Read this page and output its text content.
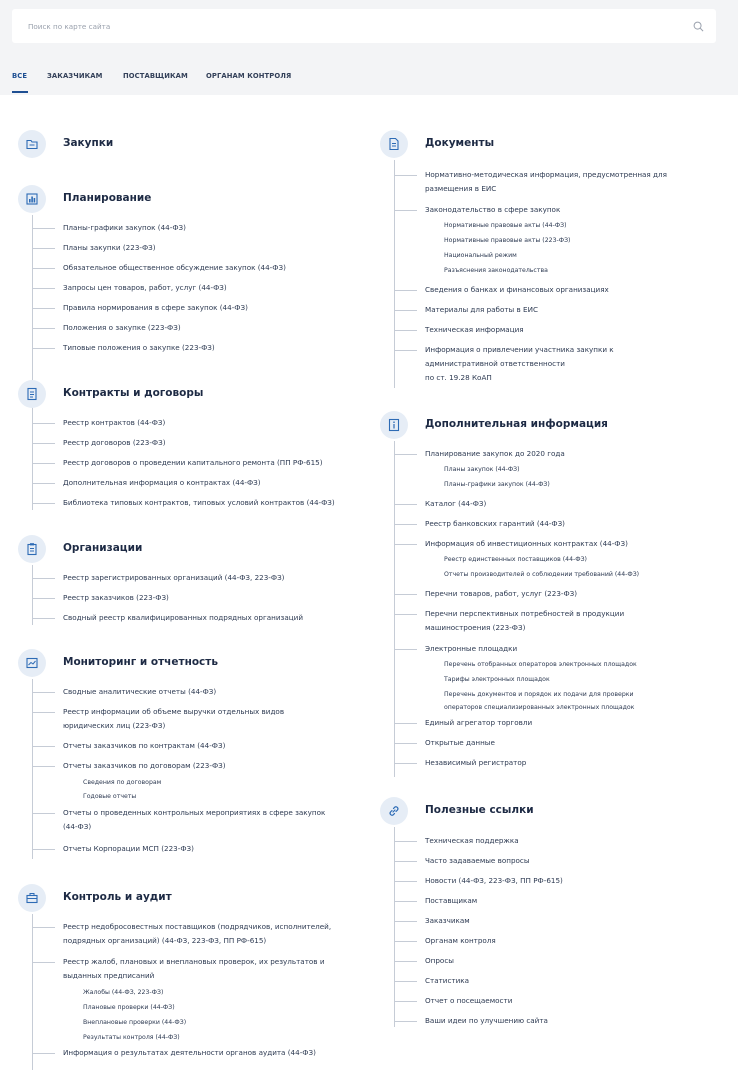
Поиск по карте сайта
ВСЕ	ЗАКАЗЧИКАМ	ПОСТАВЩИКАМ	ОРГАНАМ КОНТРОЛЯ
Закупки
Планирование
Планы-графики закупок (44-ФЗ)
Планы закупки (223-ФЗ)
Обязательное общественное обсуждение закупок (44-ФЗ)
Запросы цен товаров, работ, услуг (44-ФЗ)
Правила нормирования в сфере закупок (44-ФЗ)
Положения о закупке (223-ФЗ)
Типовые положения о закупке (223-ФЗ)
Контракты и договоры
Реестр контрактов (44-ФЗ)
Реестр договоров (223-ФЗ)
Реестр договоров о проведении капитального ремонта (ПП РФ-615)
Дополнительная информация о контрактах (44-ФЗ)
Библиотека типовых контрактов, типовых условий контрактов (44-ФЗ)
Организации
Реестр зарегистрированных организаций (44-ФЗ, 223-ФЗ)
Реестр заказчиков (223-ФЗ)
Сводный реестр квалифицированных подрядных организаций
Мониторинг и отчетность
Сводные аналитические отчеты (44-ФЗ)
Реестр информации об объеме выручки отдельных видов
юридических лиц (223-ФЗ)
Отчеты заказчиков по контрактам (44-ФЗ)
Отчеты заказчиков по договорам (223-ФЗ)
Сведения по договорам
Годовые отчеты
Отчеты о проведенных контрольных мероприятиях в сфере закупок
(44-ФЗ)
Отчеты Корпорации МСП (223-ФЗ)
Контроль и аудит
Реестр недобросовестных поставщиков (подрядчиков, исполнителей,
подрядных организаций) (44-ФЗ, 223-ФЗ, ПП РФ-615)
Реестр жалоб, плановых и внеплановых проверок, их результатов и
выданных предписаний
Жалобы (44-ФЗ, 223-ФЗ)
Плановые проверки (44-ФЗ)
Внеплановые проверки (44-ФЗ)
Результаты контроля (44-ФЗ)
Информация о результатах деятельности органов аудита (44-ФЗ)
Документы
Нормативно-методическая информация, предусмотренная для
размещения в ЕИС
Законодательство в сфере закупок
Нормативные правовые акты (44-ФЗ)
Нормативные правовые акты (223-ФЗ)
Национальный режим
Разъяснения законодательства
Сведения о банках и финансовых организациях
Материалы для работы в ЕИС
Техническая информация
Информация о привлечении участника закупки к
административной ответственности
по ст. 19.28 КоАП
Дополнительная информация
Планирование закупок до 2020 года
Планы закупок (44-ФЗ)
Планы-графики закупок (44-ФЗ)
Каталог (44-ФЗ)
Реестр банковских гарантий (44-ФЗ)
Информация об инвестиционных контрактах (44-ФЗ)
Реестр единственных поставщиков (44-ФЗ)
Отчеты производителей о соблюдении требований (44-ФЗ)
Перечни товаров, работ, услуг (223-ФЗ)
Перечни перспективных потребностей в продукции
машиностроения (223-ФЗ)
Электронные площадки
Перечень отобранных операторов электронных площадок
Тарифы электронных площадок
Перечень документов и порядок их подачи для проверки
операторов специализированных электронных площадок
Единый агрегатор торговли
Открытые данные
Независимый регистратор
Полезные ссылки
Техническая поддержка
Часто задаваемые вопросы
Новости (44-ФЗ, 223-ФЗ, ПП РФ-615)
Поставщикам
Заказчикам
Органам контроля
Опросы
Статистика
Отчет о посещаемости
Ваши идеи по улучшению сайта
